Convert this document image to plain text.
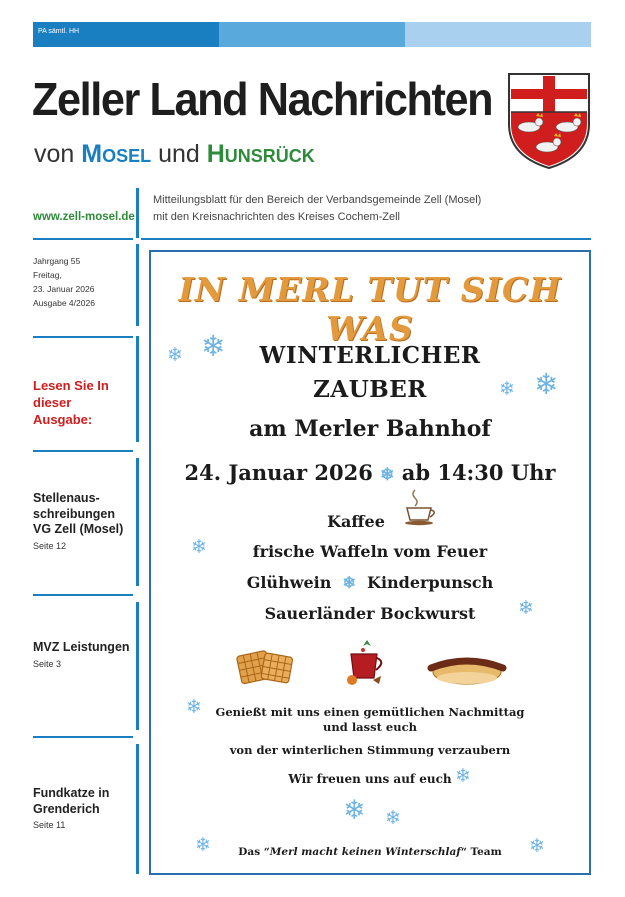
PA sämtl. HH
Zeller Land Nachrichten
von Mosel und Hunsrück
www.zell-mosel.de
Mitteilungsblatt für den Bereich der Verbandsgemeinde Zell (Mosel)
mit den Kreisnachrichten des Kreises Cochem-Zell
Jahrgang 55
Freitag,
23. Januar 2026
Ausgabe 4/2026
Lesen Sie In dieser Ausgabe:
Stellenaus-schreibungen VG Zell (Mosel)
Seite 12
MVZ Leistungen
Seite 3
Fundkatze in Grenderich
Seite 11
IN MERL TUT SICH WAS
WINTERLICHER
ZAUBER
am Merler Bahnhof
24. Januar 2026 ❄ ab 14:30 Uhr
Kaffee
frische Waffeln vom Feuer
Glühwein ❄ Kinderpunsch
Sauerländer Bockwurst
Genießt mit uns einen gemütlichen Nachmittag
und lasst euch
von der winterlichen Stimmung verzaubern
Wir freuen uns auf euch
Das “Merl macht keinen Winterschlaf“ Team
❄ ❄
❄ ❄
❄
❄
❄
❄
❄ ❄
❄	❄
